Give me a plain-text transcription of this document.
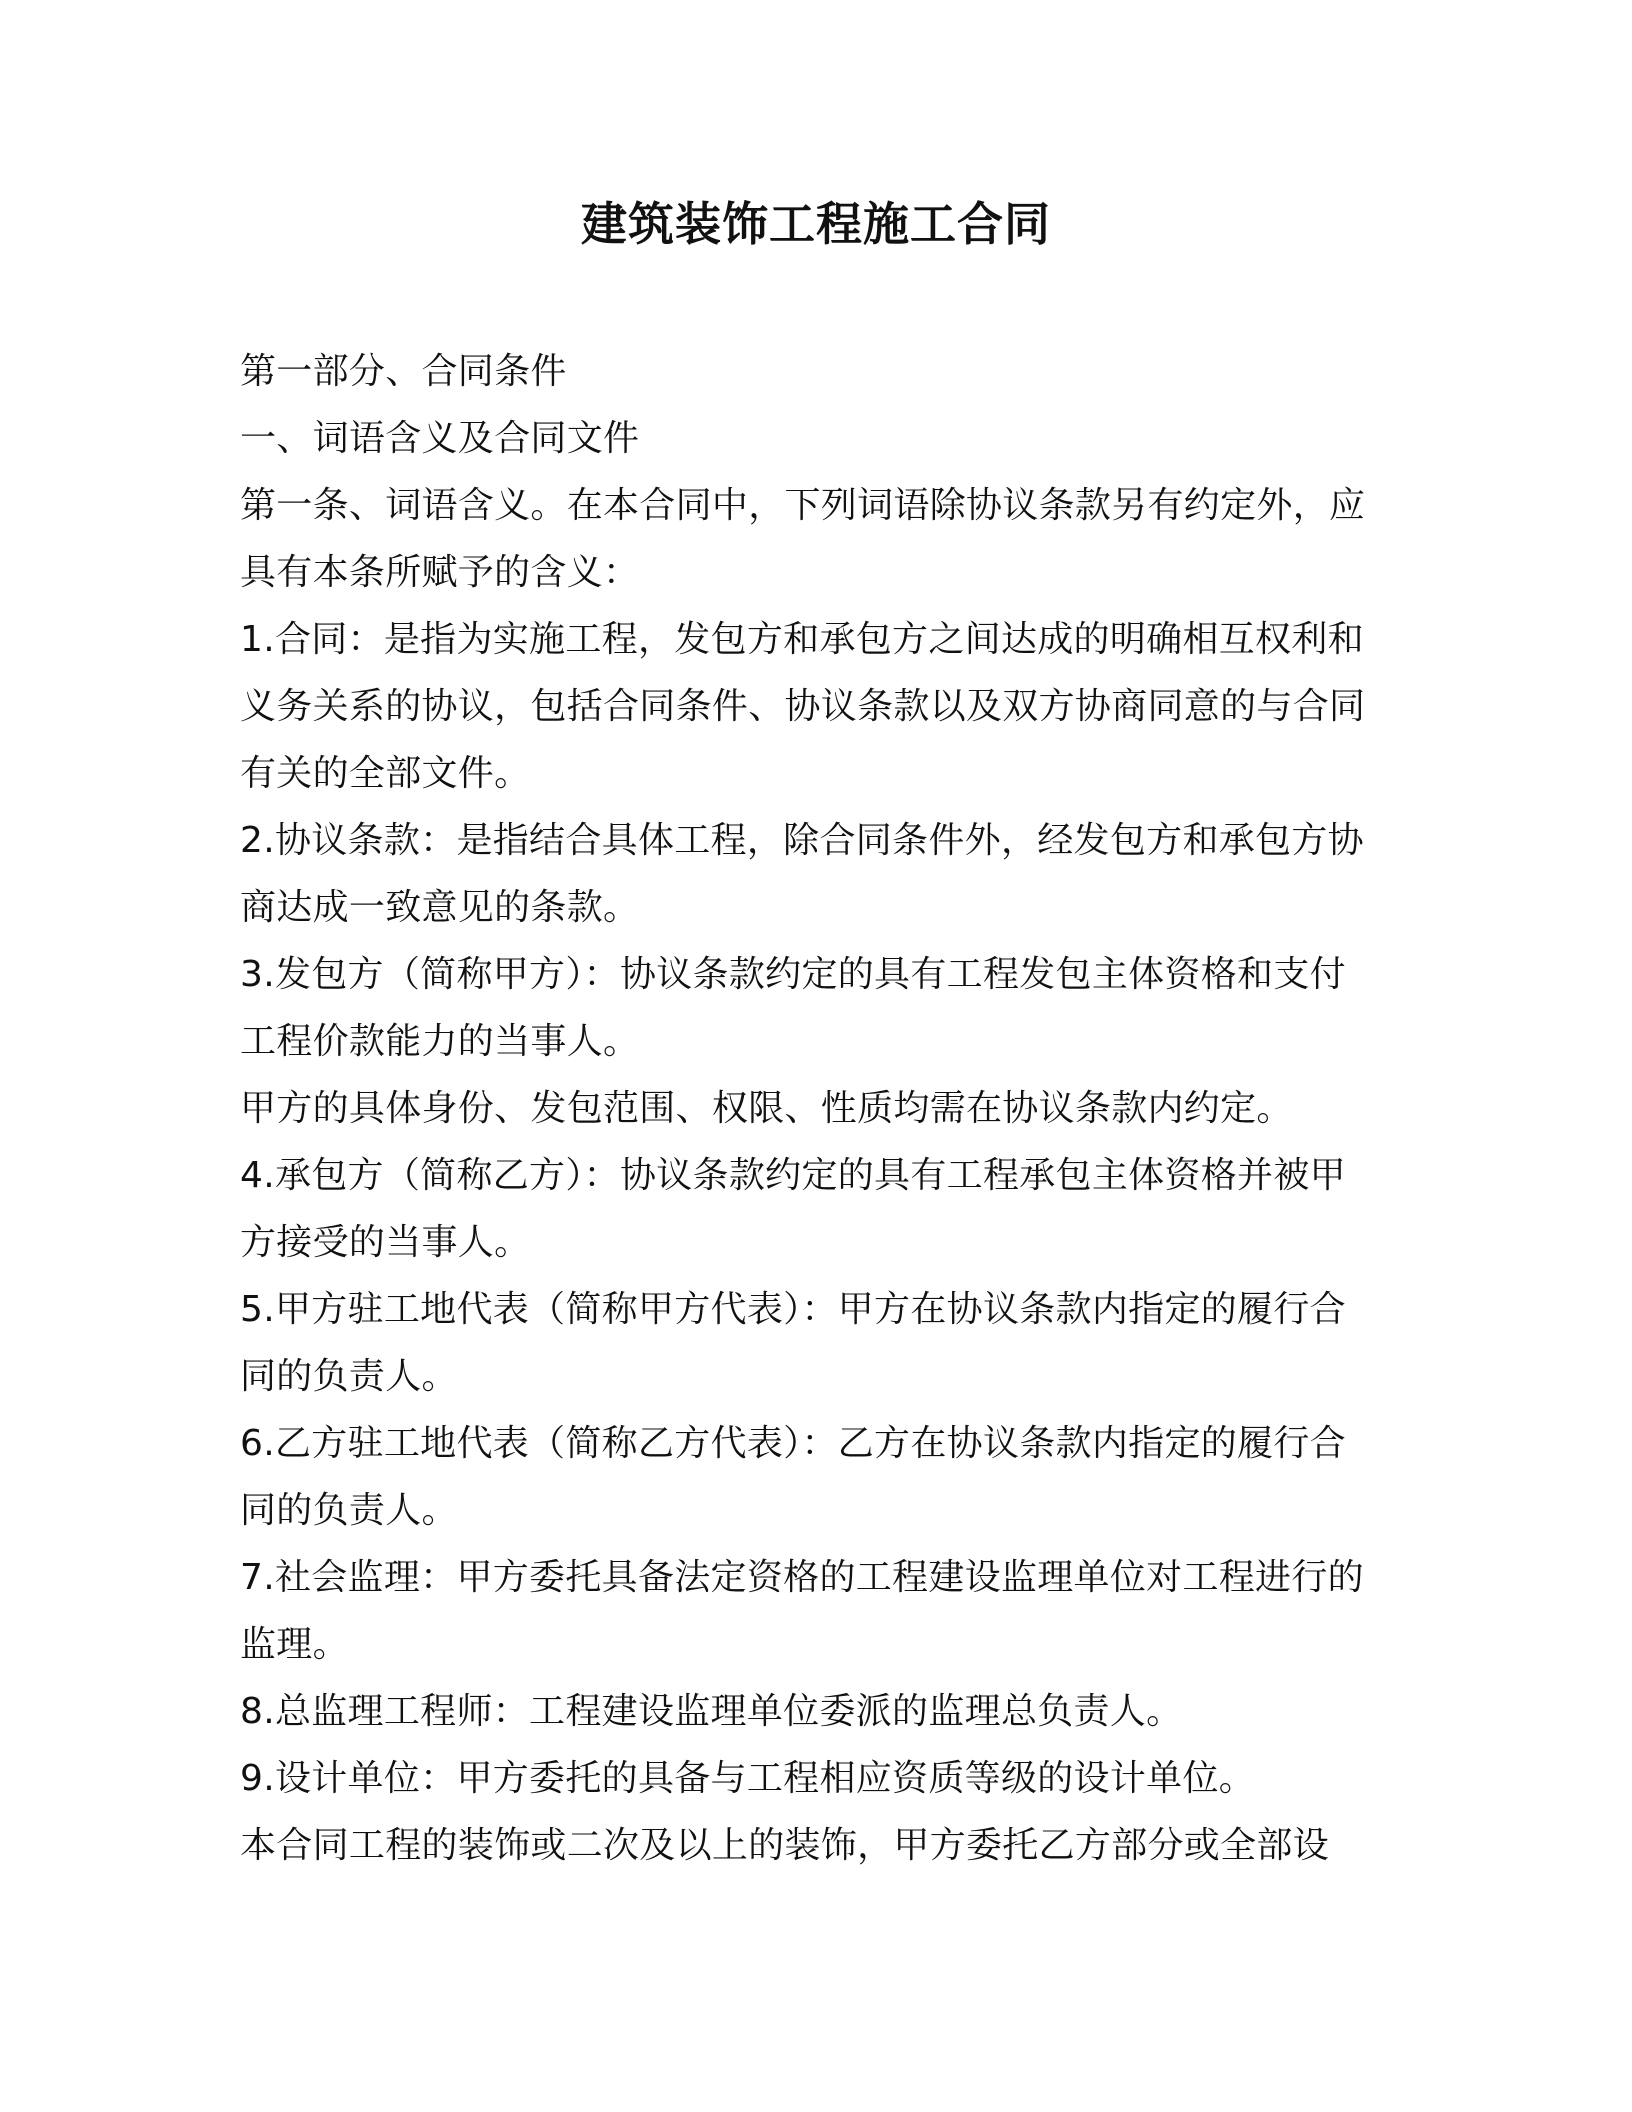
建筑装饰工程施工合同
第一部分、合同条件
一、词语含义及合同文件
第一条、词语含义。在本合同中，下列词语除协议条款另有约定外，应
具有本条所赋予的含义：
1.合同：是指为实施工程，发包方和承包方之间达成的明确相互权利和
义务关系的协议，包括合同条件、协议条款以及双方协商同意的与合同
有关的全部文件。
2.协议条款：是指结合具体工程，除合同条件外，经发包方和承包方协
商达成一致意见的条款。
3.发包方（简称甲方）：协议条款约定的具有工程发包主体资格和支付
工程价款能力的当事人。
甲方的具体身份、发包范围、权限、性质均需在协议条款内约定。
4.承包方（简称乙方）：协议条款约定的具有工程承包主体资格并被甲
方接受的当事人。
5.甲方驻工地代表（简称甲方代表）：甲方在协议条款内指定的履行合
同的负责人。
6.乙方驻工地代表（简称乙方代表）：乙方在协议条款内指定的履行合
同的负责人。
7.社会监理：甲方委托具备法定资格的工程建设监理单位对工程进行的
监理。
8.总监理工程师：工程建设监理单位委派的监理总负责人。
9.设计单位：甲方委托的具备与工程相应资质等级的设计单位。
本合同工程的装饰或二次及以上的装饰，甲方委托乙方部分或全部设
